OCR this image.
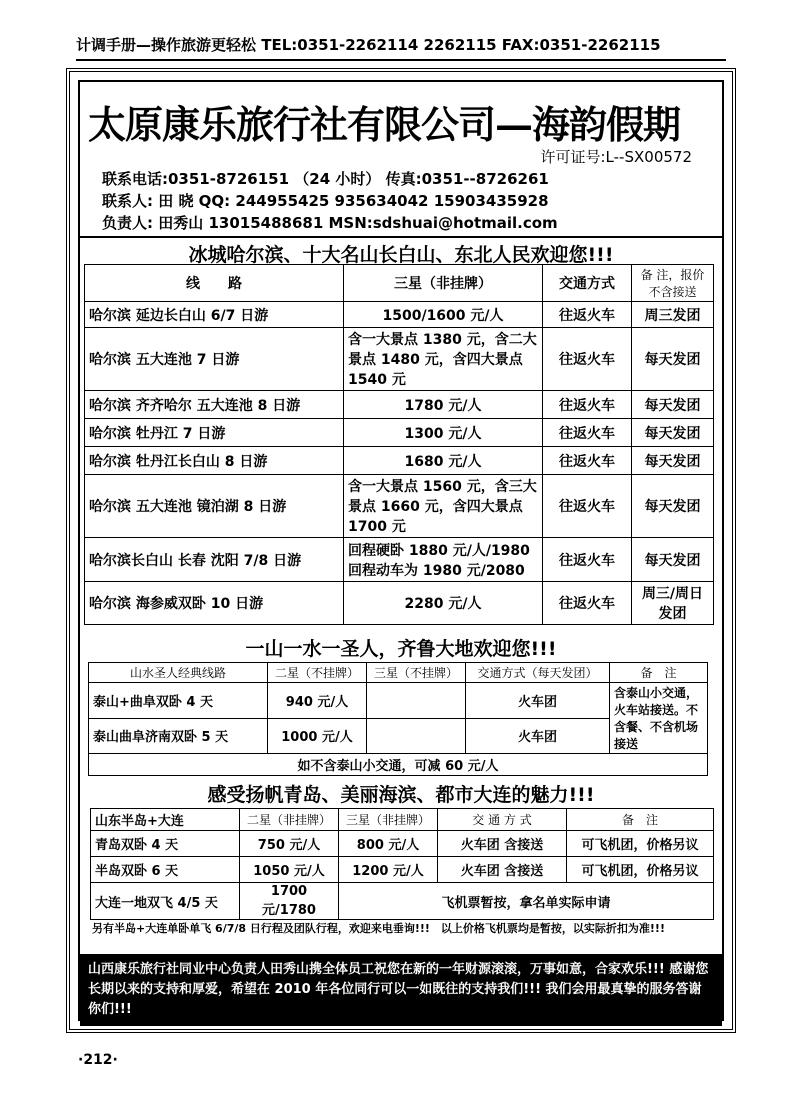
计调手册—操作旅游更轻松 TEL:0351-2262114 2262115 FAX:0351-2262115
太原康乐旅行社有限公司—海韵假期
许可证号:L--SX00572
联系电话:0351-8726151 （24 小时） 传真:0351--8726261
联系人: 田 晓 QQ: 244955425 935634042 15903435928
负责人: 田秀山 13015488681 MSN:sdshuai@hotmail.com
冰城哈尔滨、十大名山长白山、东北人民欢迎您!!!
线　　路	三星（非挂牌）	交通方式	备 注，报价不含接送
哈尔滨 延边长白山 6/7 日游	1500/1600 元/人	往返火车	周三发团
哈尔滨 五大连池 7 日游	含一大景点 1380 元，含二大景点 1480 元，含四大景点 1540 元	往返火车	每天发团
哈尔滨 齐齐哈尔 五大连池 8 日游	1780 元/人	往返火车	每天发团
哈尔滨 牡丹江 7 日游	1300 元/人	往返火车	每天发团
哈尔滨 牡丹江长白山 8 日游	1680 元/人	往返火车	每天发团
哈尔滨 五大连池 镜泊湖 8 日游	含一大景点 1560 元，含三大景点 1660 元，含四大景点 1700 元	往返火车	每天发团
哈尔滨长白山 长春 沈阳 7/8 日游	回程硬卧 1880 元/人/1980 回程动车为 1980 元/2080	往返火车	每天发团
哈尔滨 海参威双卧 10 日游	2280 元/人	往返火车	周三/周日发团
一山一水一圣人，齐鲁大地欢迎您!!!
山水圣人经典线路	二星（不挂牌）	三星（不挂牌）	交通方式（每天发团）	备　注
泰山+曲阜双卧 4 天	940 元/人		火车团	含泰山小交通，火车站接送。不含餐、不含机场接送
泰山曲阜济南双卧 5 天	1000 元/人		火车团	
如不含泰山小交通，可减 60 元/人				
感受扬帆青岛、美丽海滨、都市大连的魅力!!!
山东半岛+大连	二星（非挂牌）	三星（非挂牌）	交 通 方 式	备　注
青岛双卧 4 天	750 元/人	800 元/人	火车团 含接送	可飞机团，价格另议
半岛双卧 6 天	1050 元/人	1200 元/人	火车团 含接送	可飞机团，价格另议
大连一地双飞 4/5 天	1700 元/1780	飞机票暂按，拿名单实际申请		
另有半岛+大连单卧单飞 6/7/8 日行程及团队行程，欢迎来电垂询!!!　以上价格飞机票均是暂按，以实际折扣为准!!!
山西康乐旅行社同业中心负责人田秀山携全体员工祝您在新的一年财源滚滚，万事如意，合家欢乐!!! 感谢您长期以来的支持和厚爱，希望在 2010 年各位同行可以一如既往的支持我们!!! 我们会用最真挚的服务答谢你们!!!
·212·
